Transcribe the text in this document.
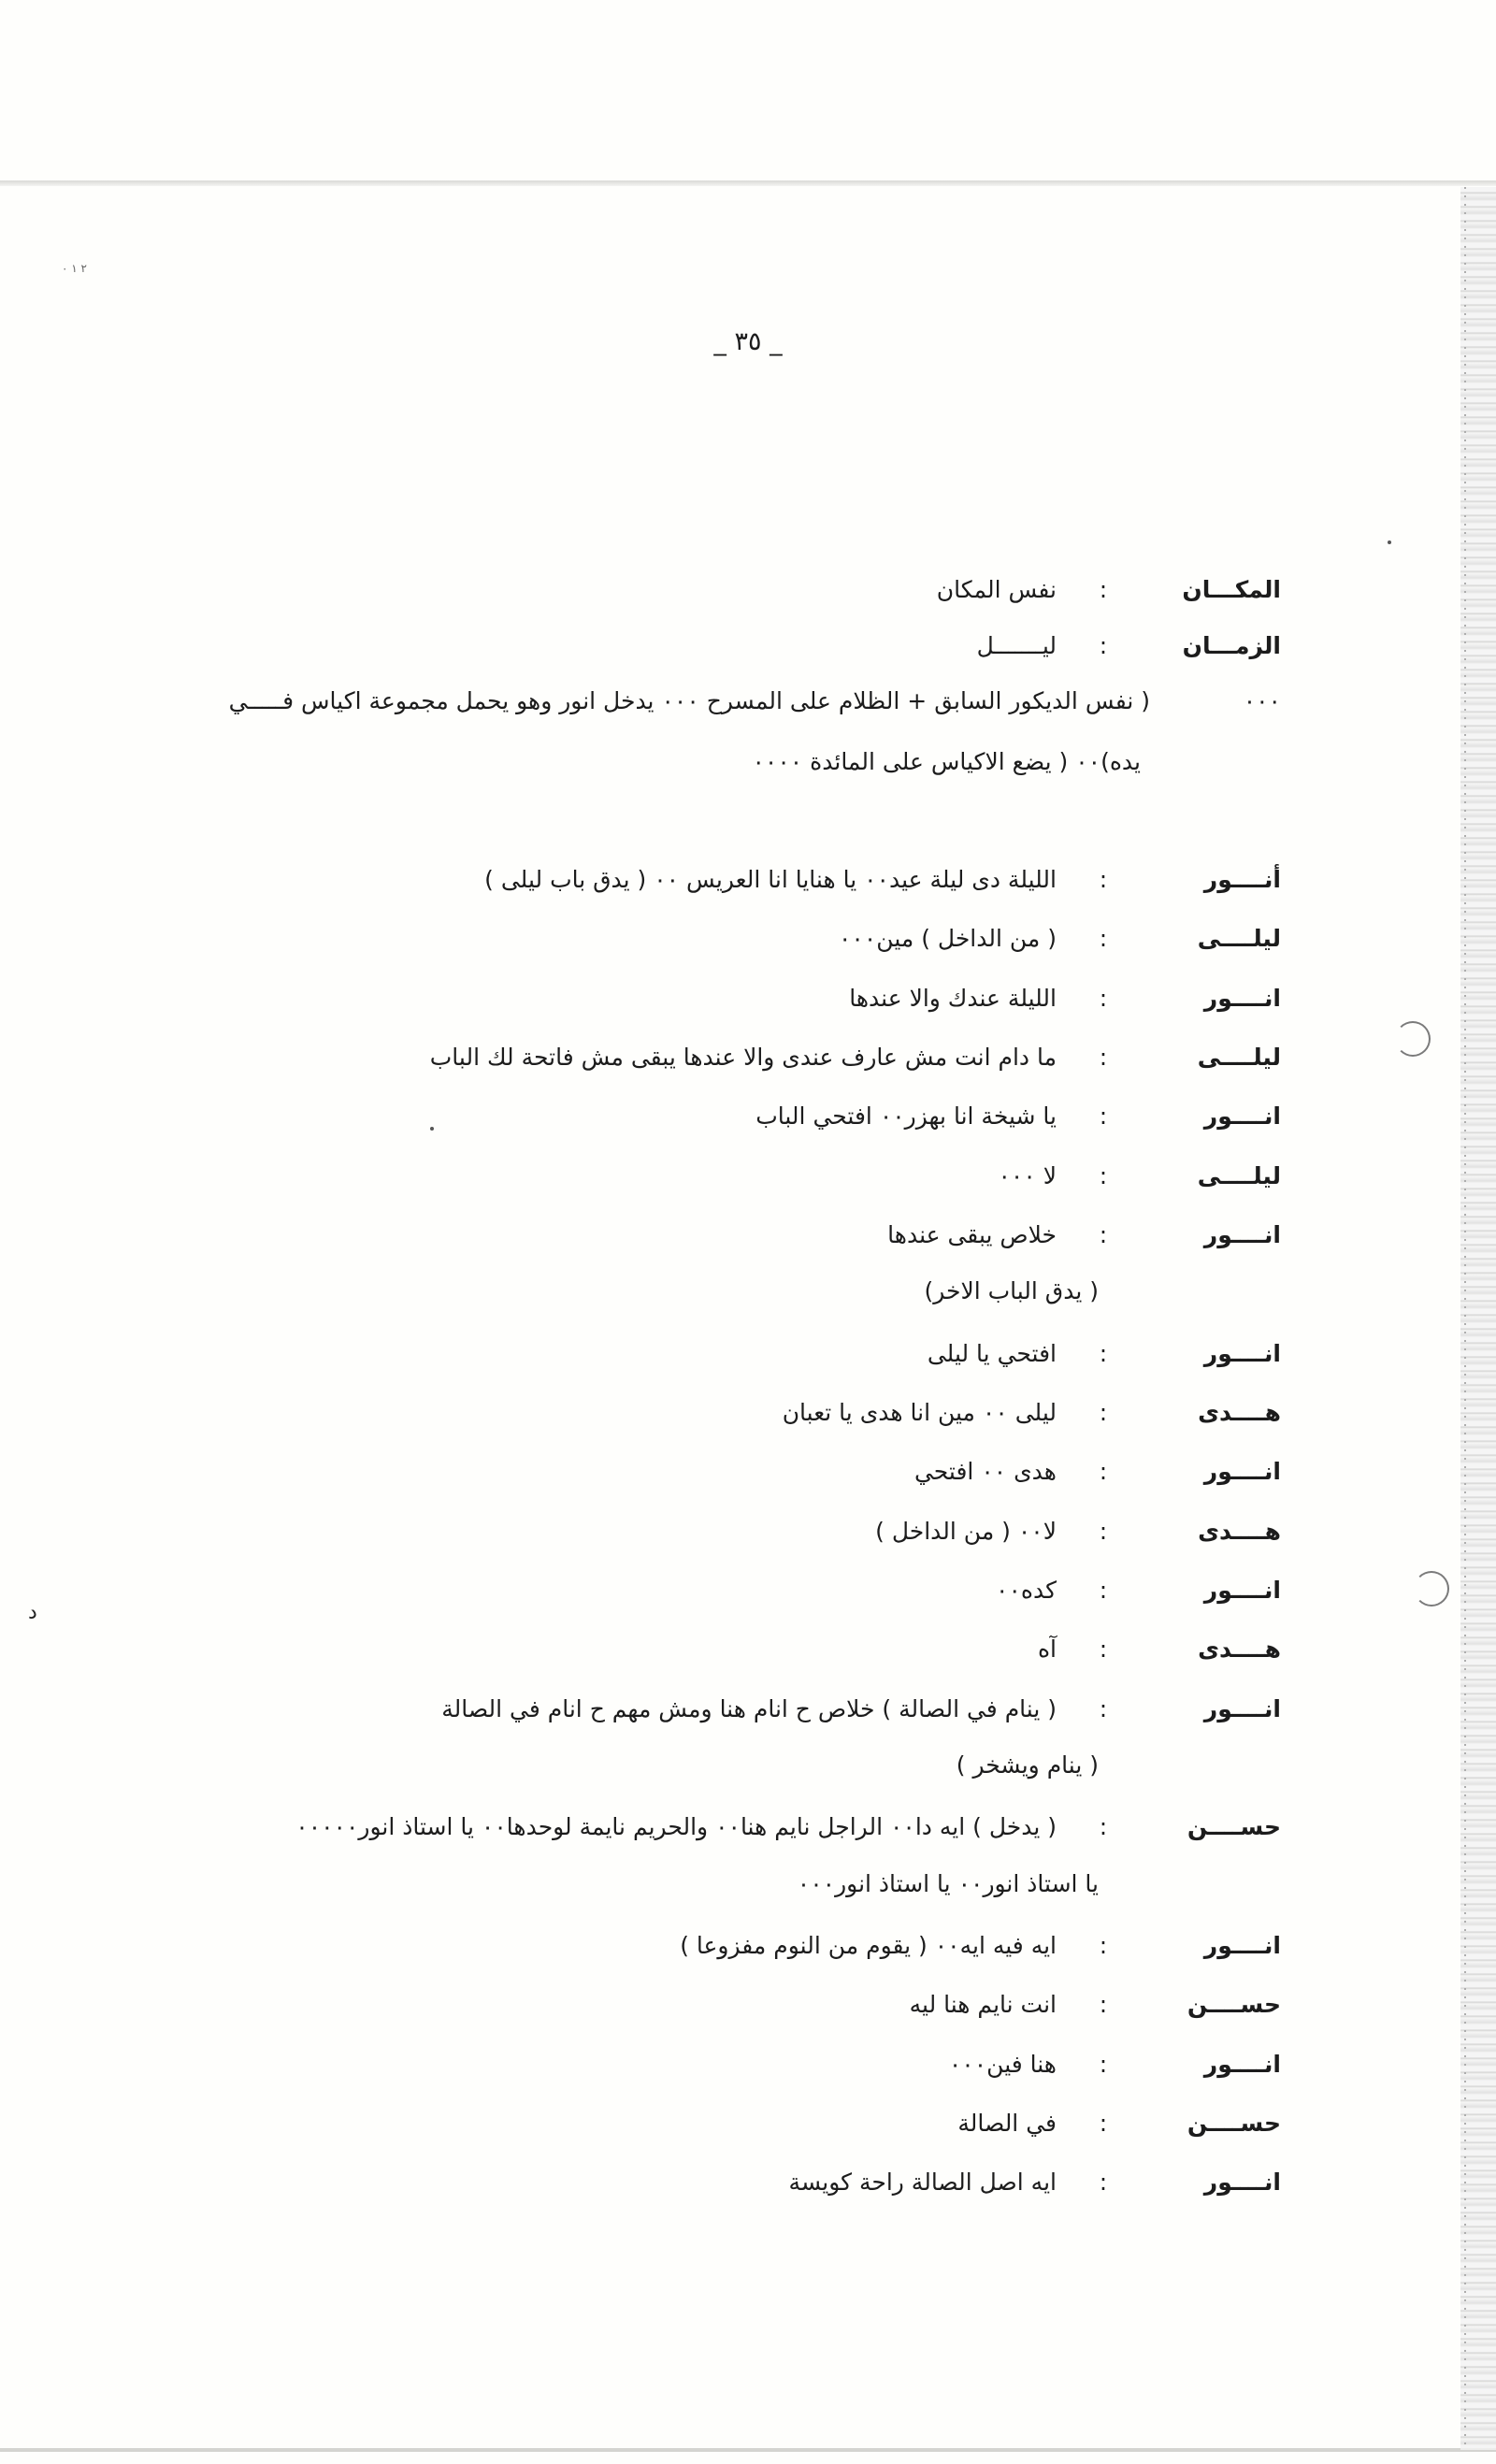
۰ ۱ ۲
د
_ ٣٥ _
المكـــان
:
نفس المكان
الزمـــان
:
ليـــــــل
٠٠٠
( نفس الديكور السابق + الظلام على المسرح ٠٠٠ يدخل انور وهو يحمل مجموعة اكياس فـــــي
يده)٠٠ ( يضع الاكياس على المائدة ٠٠٠٠
أنــــور
:
الليلة دى ليلة عيد٠٠ يا هنايا انا العريس ٠٠ ( يدق باب ليلى )
ليلــــى
:
( من الداخل ) مين٠٠٠
انــــور
:
الليلة عندك والا عندها
ليلــــى
:
ما دام انت مش عارف عندى والا عندها يبقى مش فاتحة لك الباب
انــــور
:
يا شيخة انا بهزر٠٠ افتحي الباب
ليلــــى
:
لا ٠٠٠
انــــور
:
خلاص يبقى عندها
( يدق الباب الاخر)
انــــور
:
افتحي يا ليلى
هــــدى
:
ليلى ٠٠ مين انا هدى يا تعبان
انــــور
:
هدى ٠٠ افتحي
هــــدى
:
لا٠٠ ( من الداخل )
انــــور
:
كده٠٠
هــــدى
:
آه
انــــور
:
( ينام في الصالة ) خلاص ح انام هنا ومش مهم ح انام في الصالة
( ينام ويشخر )
حســــن
:
( يدخل ) ايه دا٠٠ الراجل نايم هنا٠٠ والحريم نايمة لوحدها٠٠ يا استاذ انور٠٠٠٠٠
يا استاذ انور٠٠ يا استاذ انور٠٠٠
انــــور
:
ايه فيه ايه٠٠ ( يقوم من النوم مفزوعا )
حســــن
:
انت نايم هنا ليه
انــــور
:
هنا فين٠٠٠
حســــن
:
في الصالة
انــــور
:
ايه اصل الصالة راحة كويسة
